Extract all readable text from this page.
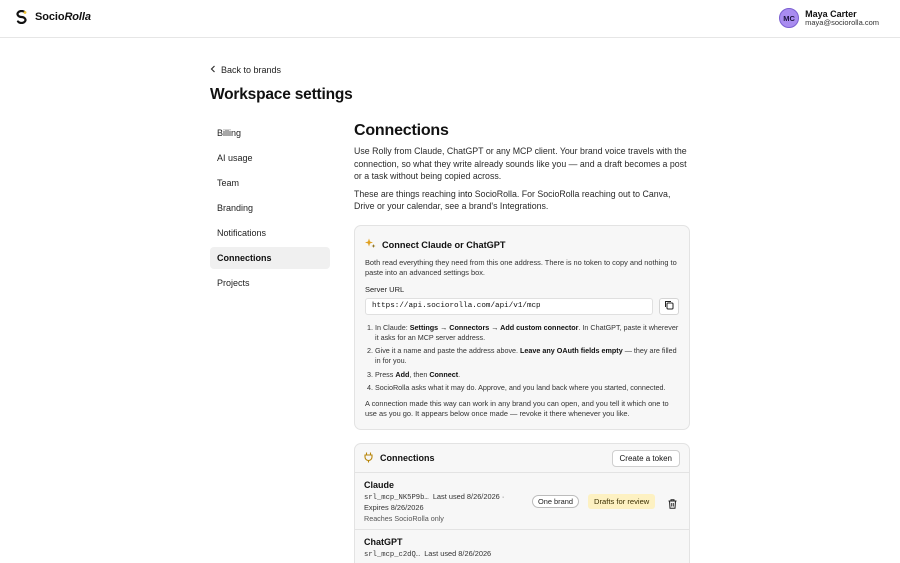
SocioRolla	MC	Maya Carter
maya@sociorolla.com
Back to brands
Workspace settings
Billing
AI usage
Team
Branding
Notifications
Connections
Projects
Connections

Use Rolly from Claude, ChatGPT or any MCP client. Your brand voice travels with the connection, so what they write already sounds like you — and a draft becomes a post or a task without being copied across.

These are things reaching into SocioRolla. For SocioRolla reaching out to Canva, Drive or your calendar, see a brand's Integrations.

Connect Claude or ChatGPT

Both read everything they need from this one address. There is no token to copy and nothing to paste into an advanced settings box.

Server URL
https://api.sociorolla.com/api/v1/mcp
1. In Claude: Settings → Connectors → Add custom connector. In ChatGPT, paste it wherever it asks for an MCP server address.
2. Give it a name and paste the address above. Leave any OAuth fields empty — they are filled in for you.
3. Press Add, then Connect.
4. SocioRolla asks what it may do. Approve, and you land back where you started, connected.

A connection made this way can work in any brand you can open, and you tell it which one to use as you go. It appears below once made — revoke it there whenever you like.

Connections	Create a token
Claude
srl_mcp_NK5P9b… Last used 8/26/2026 · Expires 8/26/2026
Reaches SocioRolla only
One brand	Drafts for review
ChatGPT
srl_mcp_c2dQ… Last used 8/26/2026
